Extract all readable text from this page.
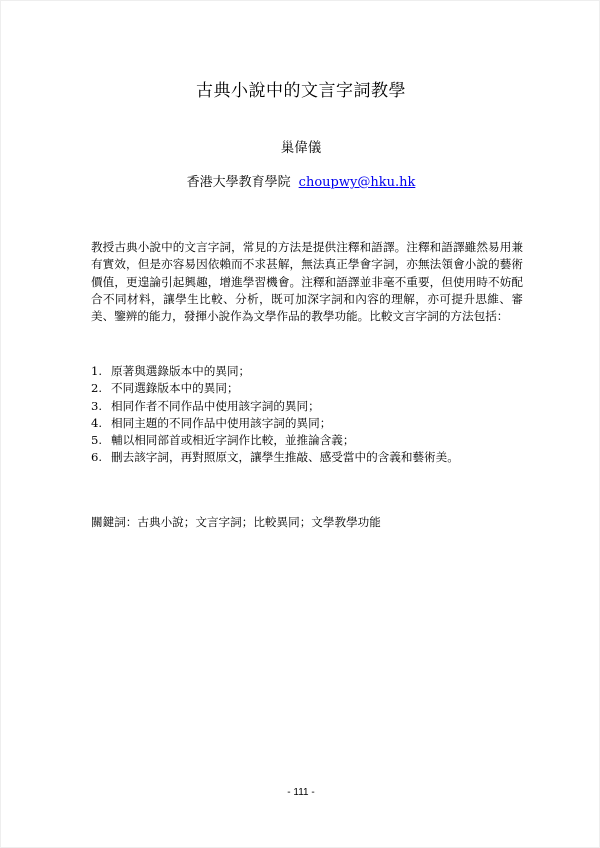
古典小說中的文言字詞教學
巢偉儀
香港大學教育學院 choupwy@hku.hk

教授古典小說中的文言字詞，常見的方法是提供注釋和語譯。注釋和語譯雖然易用兼有實效，但是亦容易因依賴而不求甚解，無法真正學會字詞，亦無法領會小說的藝術價值，更遑論引起興趣，增進學習機會。注釋和語譯並非毫不重要，但使用時不妨配合不同材料，讓學生比較、分析，既可加深字詞和內容的理解，亦可提升思維、審美、鑒辨的能力，發揮小說作為文學作品的教學功能。比較文言字詞的方法包括：

1. 原著與選錄版本中的異同；
2. 不同選錄版本中的異同；
3. 相同作者不同作品中使用該字詞的異同；
4. 相同主題的不同作品中使用該字詞的異同；
5. 輔以相同部首或相近字詞作比較，並推論含義；
6. 刪去該字詞，再對照原文，讓學生推敲、感受當中的含義和藝術美。
關鍵詞：古典小說；文言字詞；比較異同；文學教學功能
- 111 -
